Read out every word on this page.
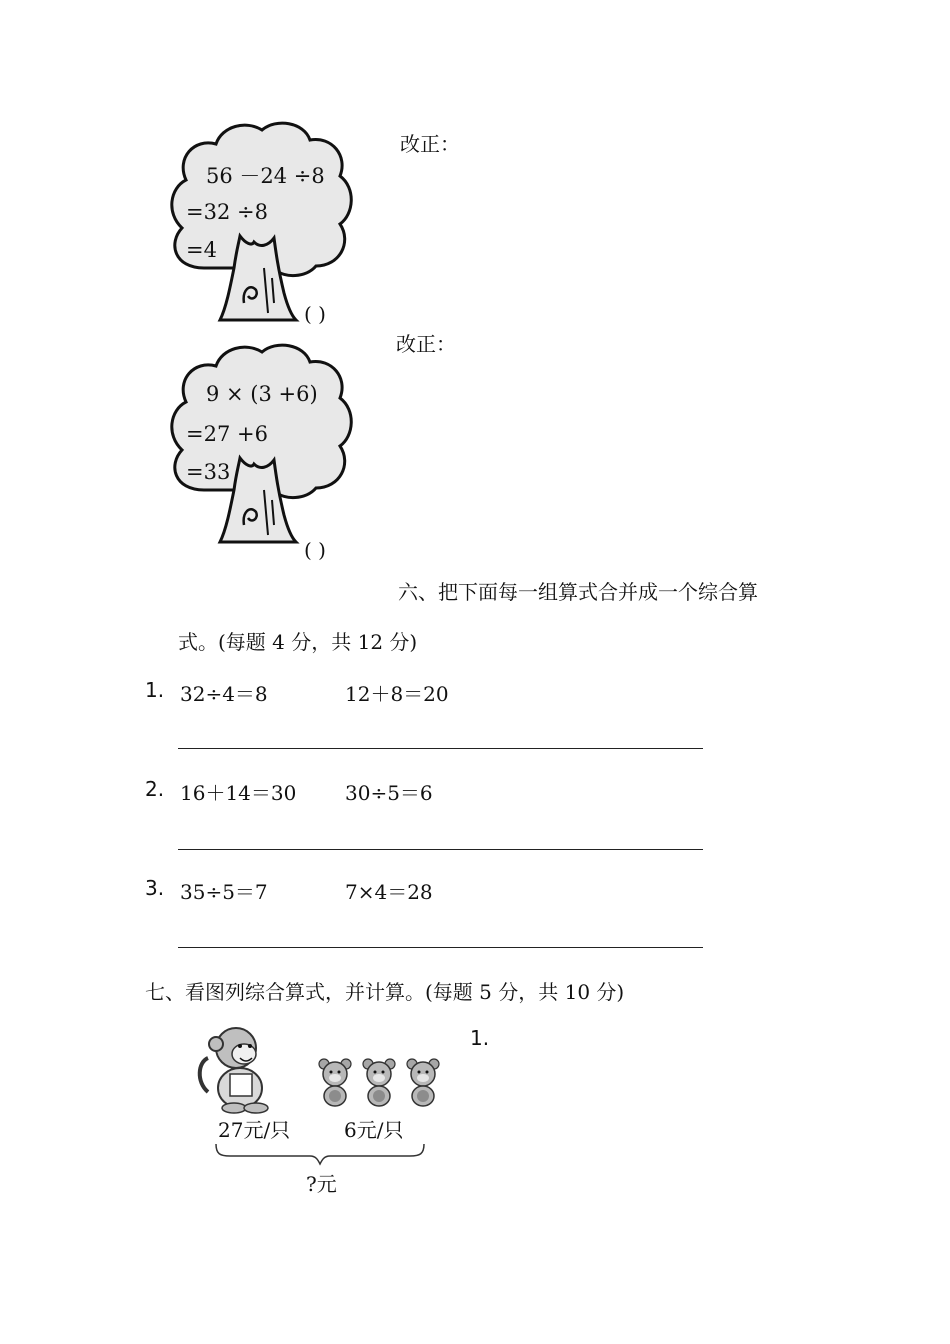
56 －24 ÷8
=32 ÷8
=4
( )
改正：
9 × (3 +6)
=27 +6
=33
( )
改正：
六、把下面每一组算式合并成一个综合算
式。(每题 4 分，共 12 分)
1. 32÷4＝8	12＋8＝20
2. 16＋14＝30 30÷5＝6
3. 35÷5＝7	7×4＝28
七、看图列综合算式，并计算。(每题 5 分，共 10 分)
27元/只	6元/只
?元
1.
